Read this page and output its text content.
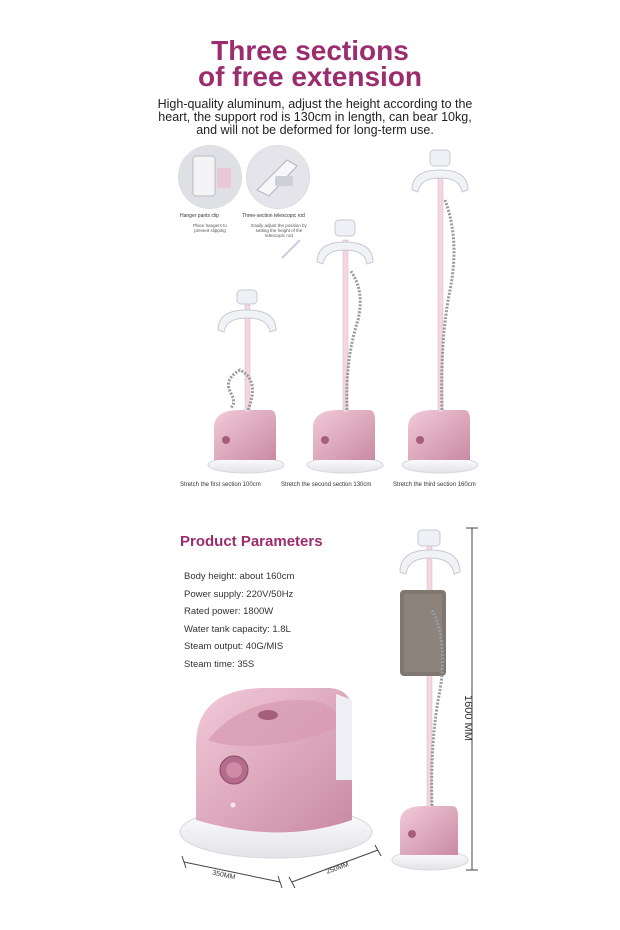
Three sections
of free extension
High-quality aluminum, adjust the height according to the heart, the support rod is 130cm in length, can bear 10kg, and will not be deformed for long-term use.
Hanger pants clip
Place hangers to prevent slipping
Three-section telescopic rod
Easily adjust the position by setting the height of the telescopic rod
Stretch the first section 100cm	Stretch the second section 130cm	Stretch the third section 160cm
Product Parameters
Body height: about 160cm
Power supply: 220V/50Hz
Rated power: 1800W
Water tank capacity: 1.8L
Steam output: 40G/MIS
Steam time: 35S
1600 MM
350MM	250MM
